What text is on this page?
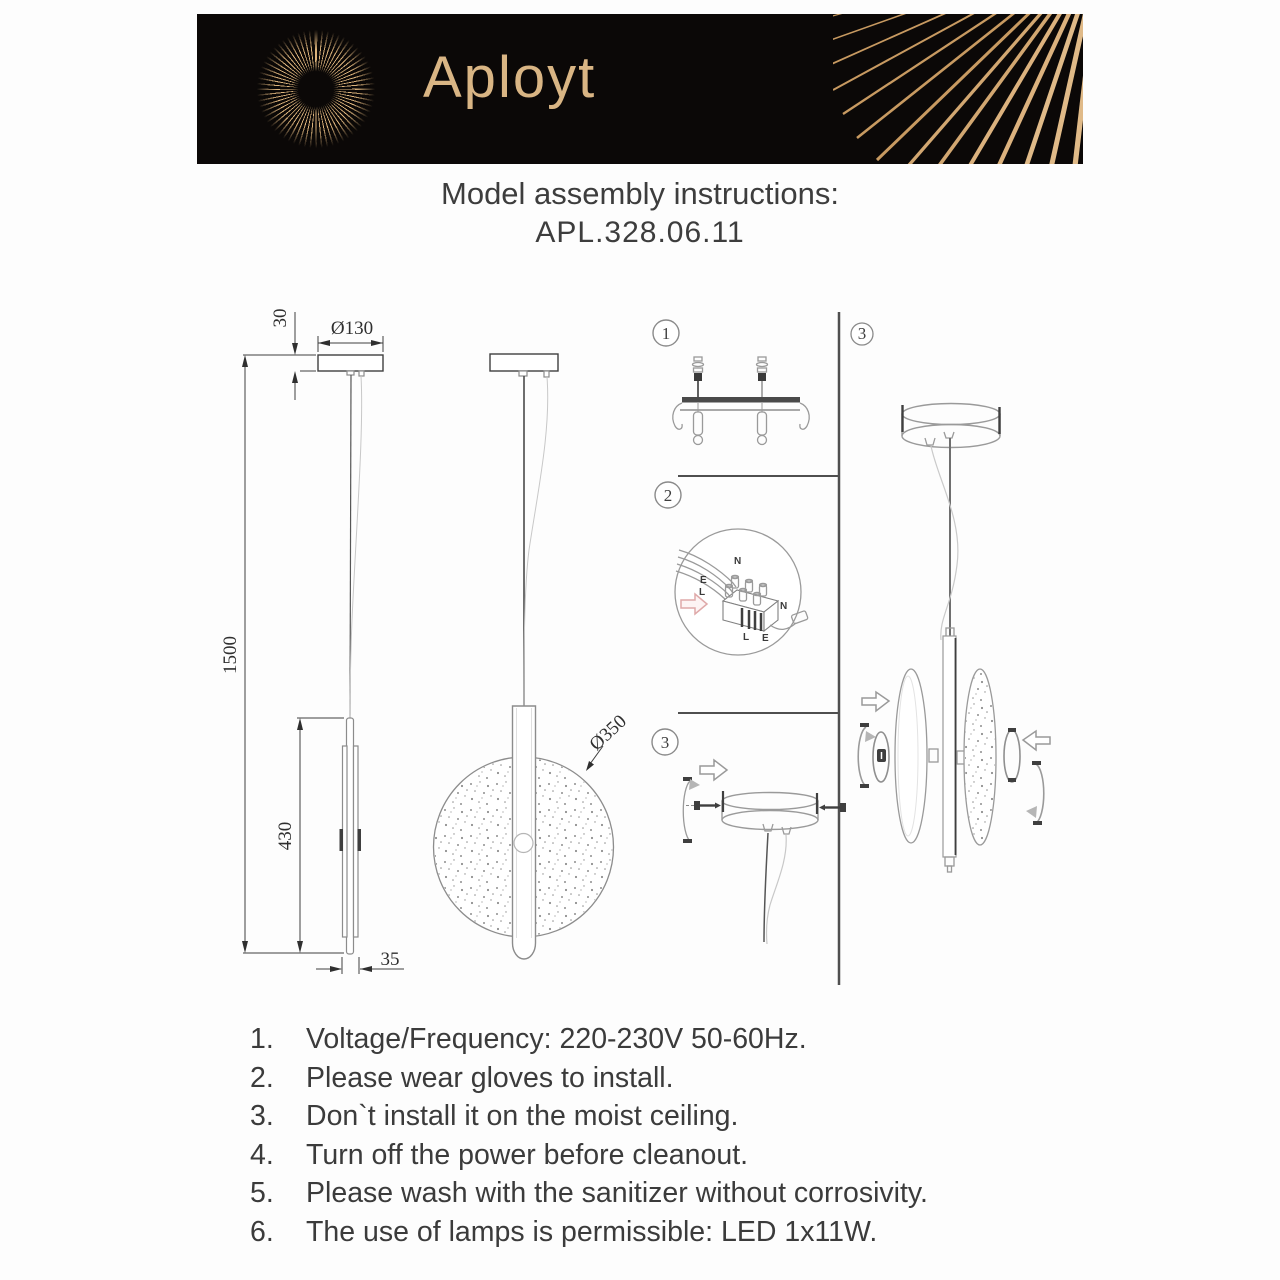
Aployt
Model assembly instructions:
APL.328.06.11
30 Ø130
1500
430
35
Ø350
1
2
N
E
L
L E
N
3
3
1.	Voltage/Frequency: 220-230V 50-60Hz.
2.	Please wear gloves to install.
3.	Don`t install it on the moist ceiling.
4.	Turn off the power before cleanout.
5.	Please wash with the sanitizer without corrosivity.
6.	The use of lamps is permissible: LED 1x11W.
